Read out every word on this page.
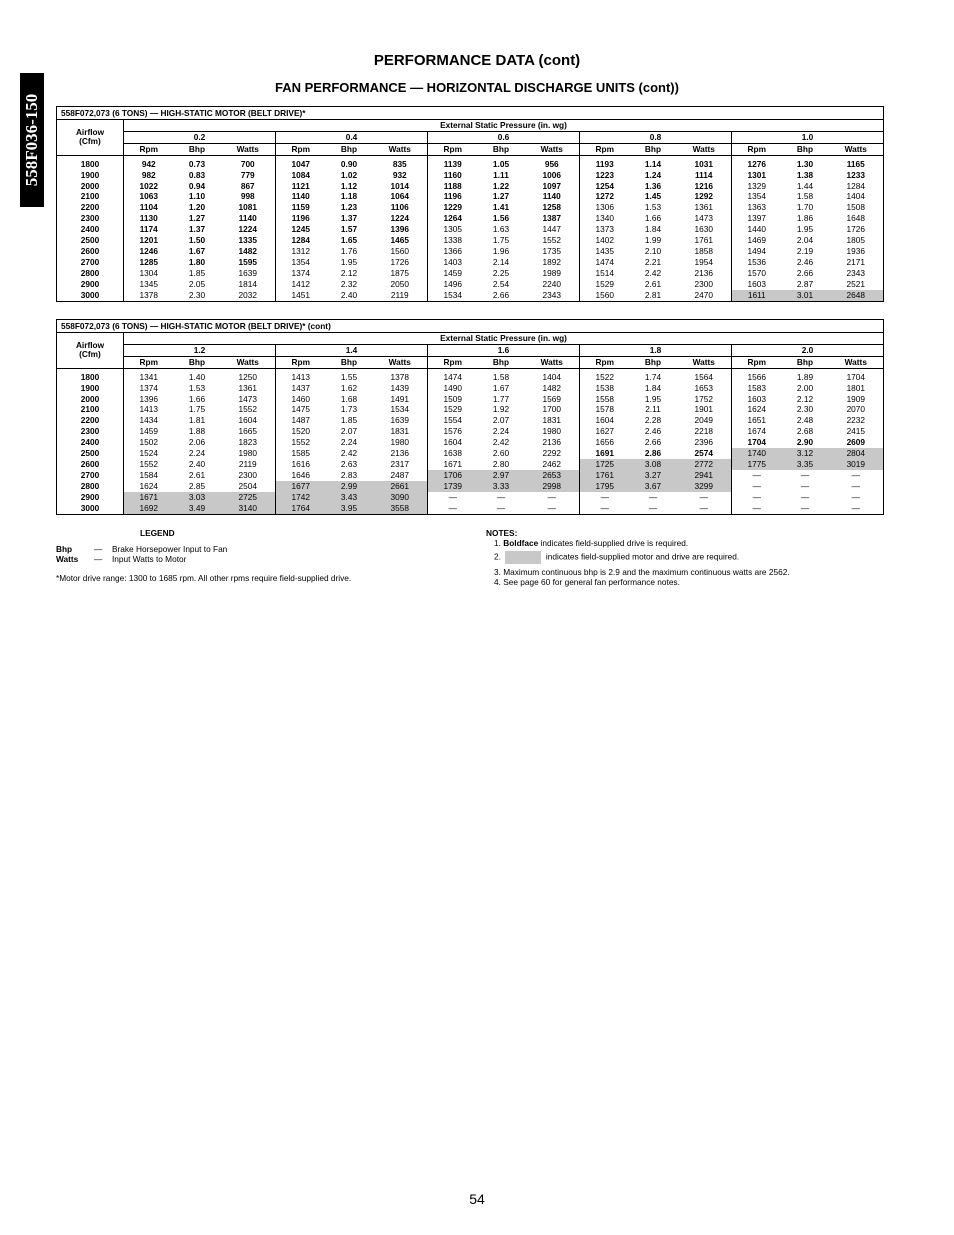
558F036-150
PERFORMANCE DATA (cont)
FAN PERFORMANCE — HORIZONTAL DISCHARGE UNITS (cont))
558F072,073 (6 TONS) — HIGH-STATIC MOTOR (BELT DRIVE)*															

Airflow
(Cfm)	External Static Pressure (in. wg)														
	0.2			0.4			0.6			0.8			1.0		
	Rpm	Bhp	Watts	Rpm	Bhp	Watts	Rpm	Bhp	Watts	Rpm	Bhp	Watts	Rpm	Bhp	Watts
1800	942	0.73	700	1047	0.90	835	1139	1.05	956	1193	1.14	1031	1276	1.30	1165
1900	982	0.83	779	1084	1.02	932	1160	1.11	1006	1223	1.24	1114	1301	1.38	1233
2000	1022	0.94	867	1121	1.12	1014	1188	1.22	1097	1254	1.36	1216	1329	1.44	1284
2100	1063	1.10	998	1140	1.18	1064	1196	1.27	1140	1272	1.45	1292	1354	1.58	1404
2200	1104	1.20	1081	1159	1.23	1106	1229	1.41	1258	1306	1.53	1361	1363	1.70	1508
2300	1130	1.27	1140	1196	1.37	1224	1264	1.56	1387	1340	1.66	1473	1397	1.86	1648
2400	1174	1.37	1224	1245	1.57	1396	1305	1.63	1447	1373	1.84	1630	1440	1.95	1726
2500	1201	1.50	1335	1284	1.65	1465	1338	1.75	1552	1402	1.99	1761	1469	2.04	1805
2600	1246	1.67	1482	1312	1.76	1560	1366	1.96	1735	1435	2.10	1858	1494	2.19	1936
2700	1285	1.80	1595	1354	1.95	1726	1403	2.14	1892	1474	2.21	1954	1536	2.46	2171
2800	1304	1.85	1639	1374	2.12	1875	1459	2.25	1989	1514	2.42	2136	1570	2.66	2343
2900	1345	2.05	1814	1412	2.32	2050	1496	2.54	2240	1529	2.61	2300	1603	2.87	2521
3000	1378	2.30	2032	1451	2.40	2119	1534	2.66	2343	1560	2.81	2470	1611	3.01	2648
558F072,073 (6 TONS) — HIGH-STATIC MOTOR (BELT DRIVE)* (cont)															

Airflow
(Cfm)	External Static Pressure (in. wg)														
	1.2			1.4			1.6			1.8			2.0		
	Rpm	Bhp	Watts	Rpm	Bhp	Watts	Rpm	Bhp	Watts	Rpm	Bhp	Watts	Rpm	Bhp	Watts
1800	1341	1.40	1250	1413	1.55	1378	1474	1.58	1404	1522	1.74	1564	1566	1.89	1704
1900	1374	1.53	1361	1437	1.62	1439	1490	1.67	1482	1538	1.84	1653	1583	2.00	1801
2000	1396	1.66	1473	1460	1.68	1491	1509	1.77	1569	1558	1.95	1752	1603	2.12	1909
2100	1413	1.75	1552	1475	1.73	1534	1529	1.92	1700	1578	2.11	1901	1624	2.30	2070
2200	1434	1.81	1604	1487	1.85	1639	1554	2.07	1831	1604	2.28	2049	1651	2.48	2232
2300	1459	1.88	1665	1520	2.07	1831	1576	2.24	1980	1627	2.46	2218	1674	2.68	2415
2400	1502	2.06	1823	1552	2.24	1980	1604	2.42	2136	1656	2.66	2396	1704	2.90	2609
2500	1524	2.24	1980	1585	2.42	2136	1638	2.60	2292	1691	2.86	2574	1740	3.12	2804
2600	1552	2.40	2119	1616	2.63	2317	1671	2.80	2462	1725	3.08	2772	1775	3.35	3019
2700	1584	2.61	2300	1646	2.83	2487	1706	2.97	2653	1761	3.27	2941	—	—	—
2800	1624	2.85	2504	1677	2.99	2661	1739	3.33	2998	1795	3.67	3299	—	—	—
2900	1671	3.03	2725	1742	3.43	3090	—	—	—	—	—	—	—	—	—
3000	1692	3.49	3140	1764	3.95	3558	—	—	—	—	—	—	—	—	—
LEGEND
Bhp	—	Brake Horsepower Input to Fan
Watts	—	Input Watts to Motor
*Motor drive range: 1300 to 1685 rpm. All other rpms require field-supplied drive.
NOTES:
1. Boldface indicates field-supplied drive is required.
2.	indicates field-supplied motor and drive are required.
3. Maximum continuous bhp is 2.9 and the maximum continuous watts are 2562.
4. See page 60 for general fan performance notes.
54
